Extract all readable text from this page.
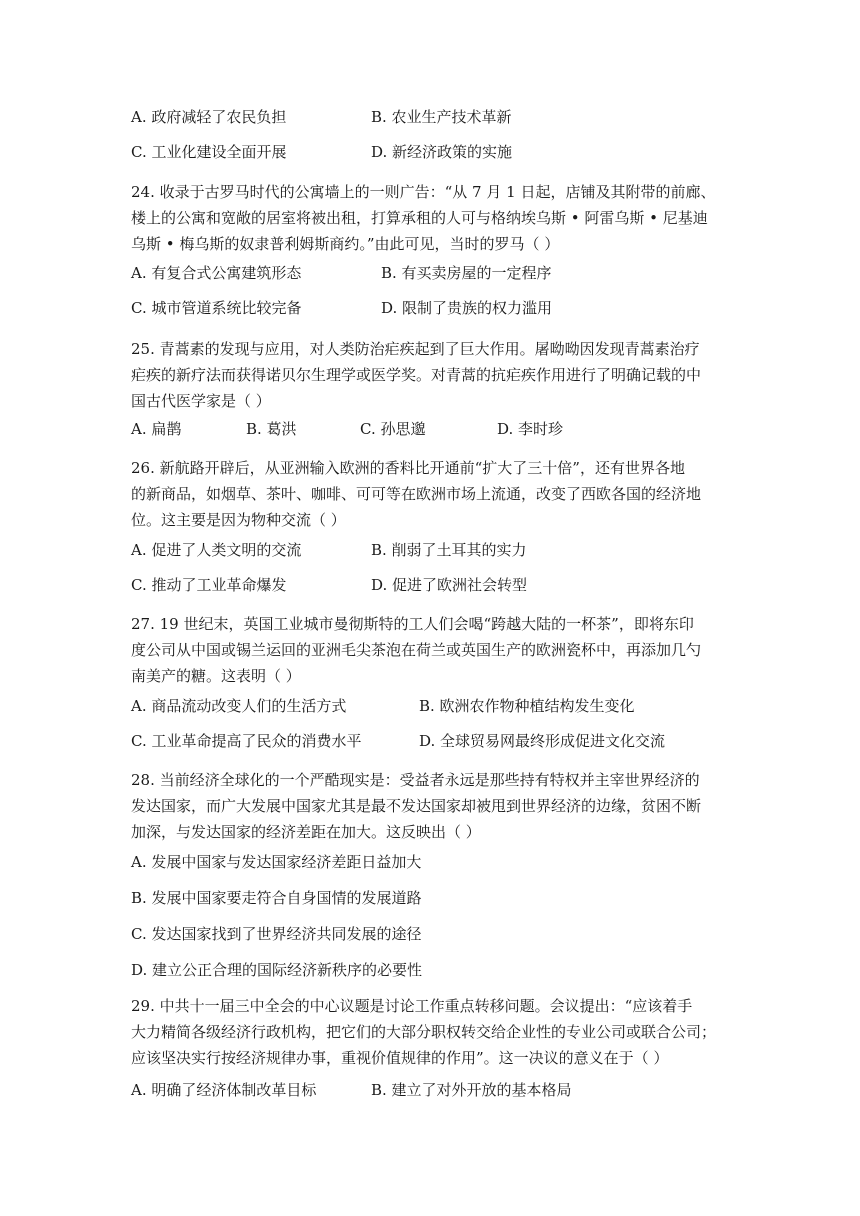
A. 政府减轻了农民负担	B. 农业生产技术革新
C. 工业化建设全面开展	D. 新经济政策的实施
24. 收录于古罗马时代的公寓墙上的一则广告：“从 7 月 1 日起，店铺及其附带的前廊、
楼上的公寓和宽敞的居室将被出租，打算承租的人可与格纳埃乌斯 • 阿雷乌斯 • 尼基迪
乌斯 • 梅乌斯的奴隶普利姆斯商约。”由此可见，当时的罗马（ ）
A. 有复合式公寓建筑形态	B. 有买卖房屋的一定程序
C. 城市管道系统比较完备	D. 限制了贵族的权力滥用
25. 青蒿素的发现与应用，对人类防治疟疾起到了巨大作用。屠呦呦因发现青蒿素治疗
疟疾的新疗法而获得诺贝尔生理学或医学奖。对青蒿的抗疟疾作用进行了明确记载的中
国古代医学家是（ ）
A. 扁鹊	B. 葛洪	C. 孙思邈	D. 李时珍
26. 新航路开辟后，从亚洲输入欧洲的香料比开通前“扩大了三十倍”，还有世界各地
的新商品，如烟草、茶叶、咖啡、可可等在欧洲市场上流通，改变了西欧各国的经济地
位。这主要是因为物种交流（ ）
A. 促进了人类文明的交流	B. 削弱了土耳其的实力
C. 推动了工业革命爆发	D. 促进了欧洲社会转型
27. 19 世纪末，英国工业城市曼彻斯特的工人们会喝“跨越大陆的一杯茶”，即将东印
度公司从中国或锡兰运回的亚洲毛尖茶泡在荷兰或英国生产的欧洲瓷杯中，再添加几勺
南美产的糖。这表明（ ）
A. 商品流动改变人们的生活方式	B. 欧洲农作物种植结构发生变化
C. 工业革命提高了民众的消费水平	D. 全球贸易网最终形成促进文化交流
28. 当前经济全球化的一个严酷现实是：受益者永远是那些持有特权并主宰世界经济的
发达国家，而广大发展中国家尤其是最不发达国家却被甩到世界经济的边缘，贫困不断
加深，与发达国家的经济差距在加大。这反映出（ ）
A. 发展中国家与发达国家经济差距日益加大
B. 发展中国家要走符合自身国情的发展道路
C. 发达国家找到了世界经济共同发展的途径
D. 建立公正合理的国际经济新秩序的必要性
29. 中共十一届三中全会的中心议题是讨论工作重点转移问题。会议提出：“应该着手
大力精简各级经济行政机构，把它们的大部分职权转交给企业性的专业公司或联合公司；
应该坚决实行按经济规律办事，重视价值规律的作用”。这一决议的意义在于（ ）
A. 明确了经济体制改革目标	B. 建立了对外开放的基本格局
